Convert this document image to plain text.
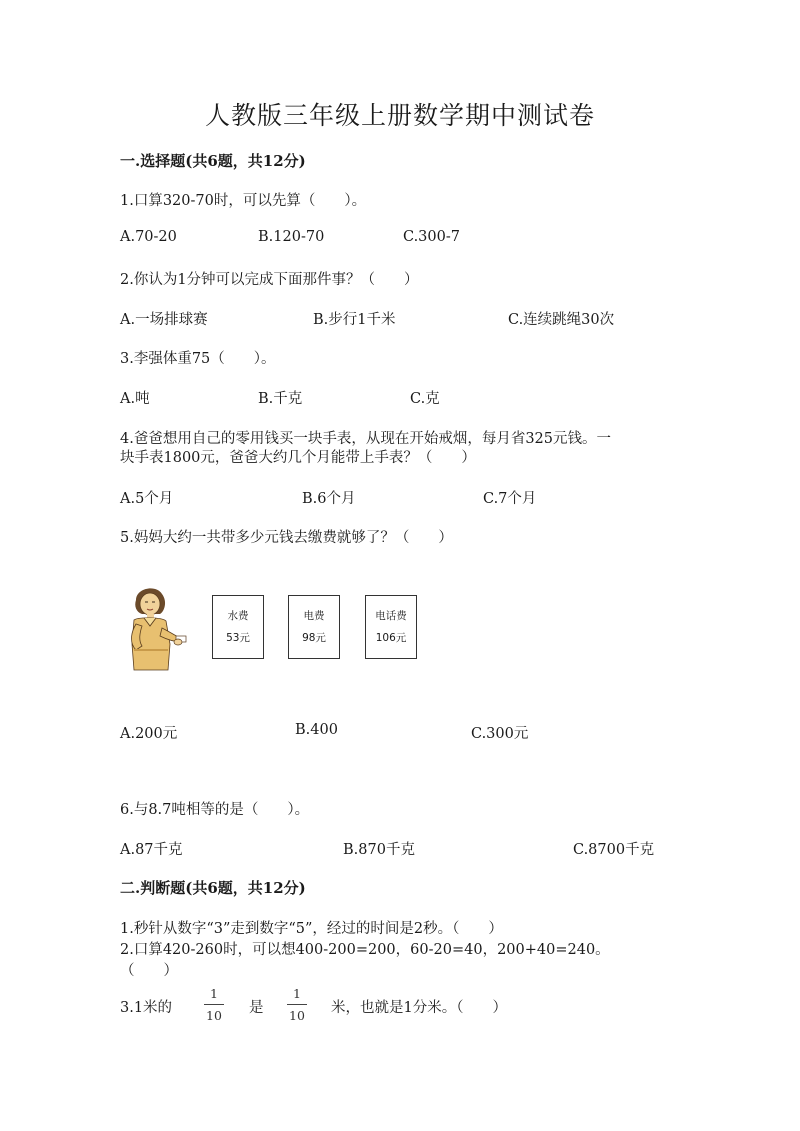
人教版三年级上册数学期中测试卷
一.选择题(共6题，共12分)
1.口算320-70时，可以先算（　　）。
A.70-20	B.120-70	C.300-7
2.你认为1分钟可以完成下面那件事？（　　）
A.一场排球赛	B.步行1千米	C.连续跳绳30次
3.李强体重75（　　）。
A.吨	B.千克	C.克
4.爸爸想用自己的零用钱买一块手表，从现在开始戒烟，每月省325元钱。一
块手表1800元，爸爸大约几个月能带上手表？（　　）
A.5个月	B.6个月	C.7个月
5.妈妈大约一共带多少元钱去缴费就够了？（　　）
水费
53元
电费
98元
电话费
106元
A.200元	B.400	C.300元
6.与8.7吨相等的是（　　）。
A.87千克	B.870千克	C.8700千克
二.判断题(共6题，共12分)
1.秒针从数字“3”走到数字“5”，经过的时间是2秒。（　　）
2.口算420-260时，可以想400-200=200，60-20=40，200+40=240。
（　　）
3.1米的
1
10 是
1
10 米，也就是1分米。（　　）
